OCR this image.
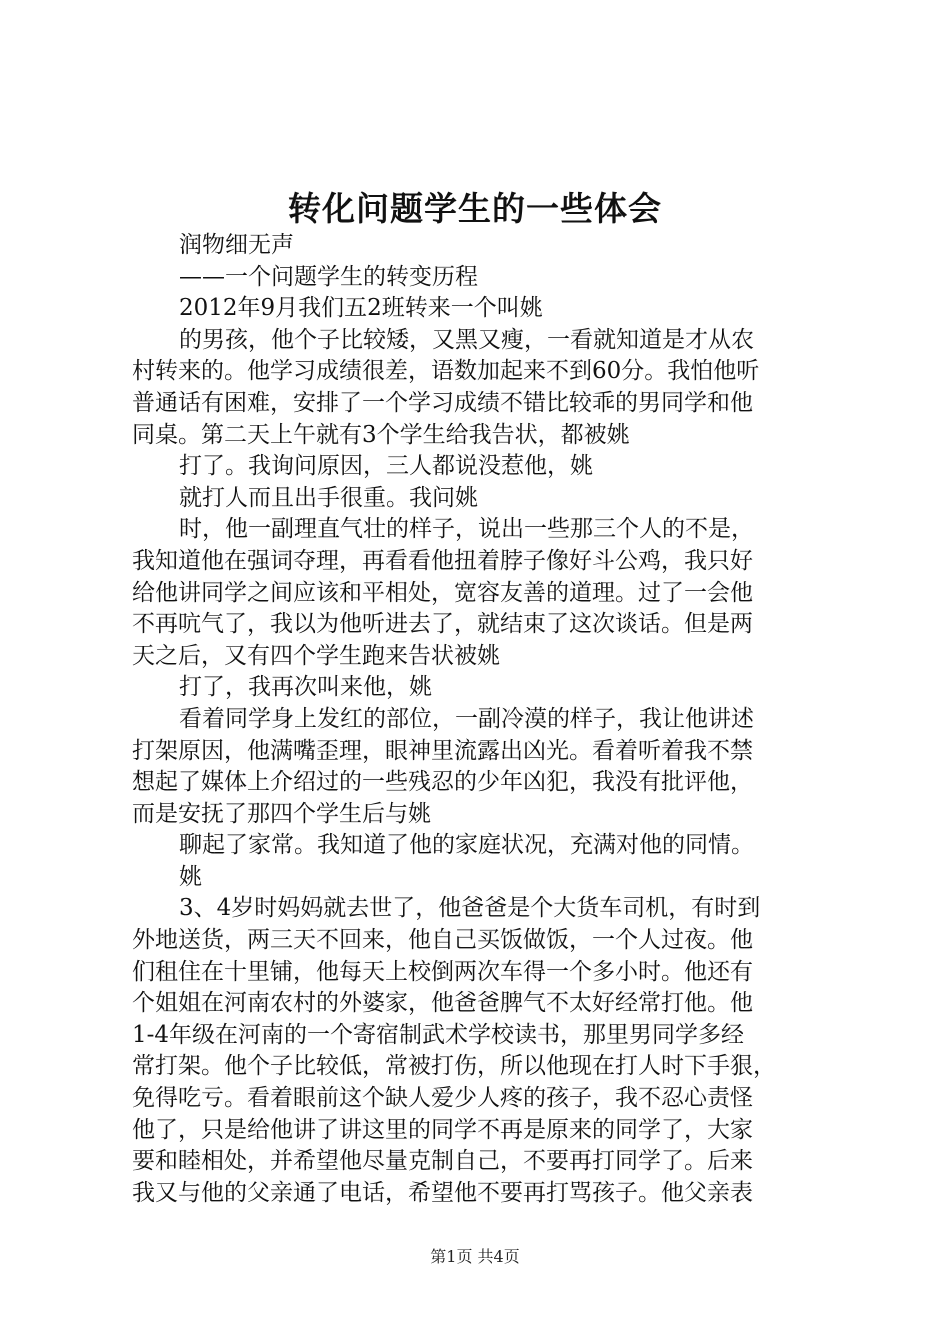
转化问题学生的一些体会
润物细无声
——一个问题学生的转变历程
2012年9月我们五2班转来一个叫姚
的男孩，他个子比较矮，又黑又瘦，一看就知道是才从农
村转来的。他学习成绩很差，语数加起来不到60分。我怕他听
普通话有困难，安排了一个学习成绩不错比较乖的男同学和他
同桌。第二天上午就有3个学生给我告状，都被姚
打了。我询问原因，三人都说没惹他，姚
就打人而且出手很重。我问姚
时，他一副理直气壮的样子，说出一些那三个人的不是，
我知道他在强词夺理，再看看他扭着脖子像好斗公鸡，我只好
给他讲同学之间应该和平相处，宽容友善的道理。过了一会他
不再吭气了，我以为他听进去了，就结束了这次谈话。但是两
天之后，又有四个学生跑来告状被姚
打了，我再次叫来他，姚
看着同学身上发红的部位，一副冷漠的样子，我让他讲述
打架原因，他满嘴歪理，眼神里流露出凶光。看着听着我不禁
想起了媒体上介绍过的一些残忍的少年凶犯，我没有批评他，
而是安抚了那四个学生后与姚
聊起了家常。我知道了他的家庭状况，充满对他的同情。
姚
3、4岁时妈妈就去世了，他爸爸是个大货车司机，有时到
外地送货，两三天不回来，他自己买饭做饭，一个人过夜。他
们租住在十里铺，他每天上校倒两次车得一个多小时。他还有
个姐姐在河南农村的外婆家，他爸爸脾气不太好经常打他。他
1-4年级在河南的一个寄宿制武术学校读书，那里男同学多经
常打架。他个子比较低，常被打伤，所以他现在打人时下手狠，
免得吃亏。看着眼前这个缺人爱少人疼的孩子，我不忍心责怪
他了，只是给他讲了讲这里的同学不再是原来的同学了，大家
要和睦相处，并希望他尽量克制自己，不要再打同学了。后来
我又与他的父亲通了电话，希望他不要再打骂孩子。他父亲表
第1页 共4页
